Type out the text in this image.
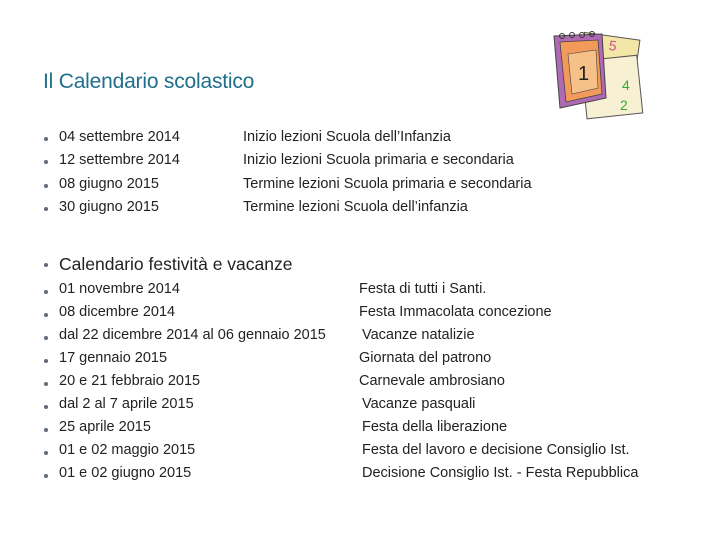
Il Calendario scolastico
5
4
2
1
04 settembre 2014	Inizio lezioni Scuola dell’Infanzia
12 settembre 2014	Inizio lezioni Scuola primaria e secondaria
08 giugno 2015	Termine lezioni Scuola primaria e secondaria
30 giugno 2015	Termine lezioni Scuola dell’infanzia
Calendario festività e vacanze
01 novembre 2014	Festa di tutti i Santi.
08 dicembre 2014	Festa Immacolata concezione
dal 22 dicembre 2014 al 06 gennaio 2015 Vacanze natalizie
17 gennaio 2015	Giornata del patrono
20 e 21 febbraio 2015	Carnevale ambrosiano
dal 2 al 7 aprile 2015	Vacanze pasquali
25 aprile 2015	Festa della liberazione
01 e 02 maggio 2015	Festa del lavoro e decisione Consiglio Ist.
01 e 02 giugno 2015	Decisione Consiglio Ist. - Festa Repubblica
